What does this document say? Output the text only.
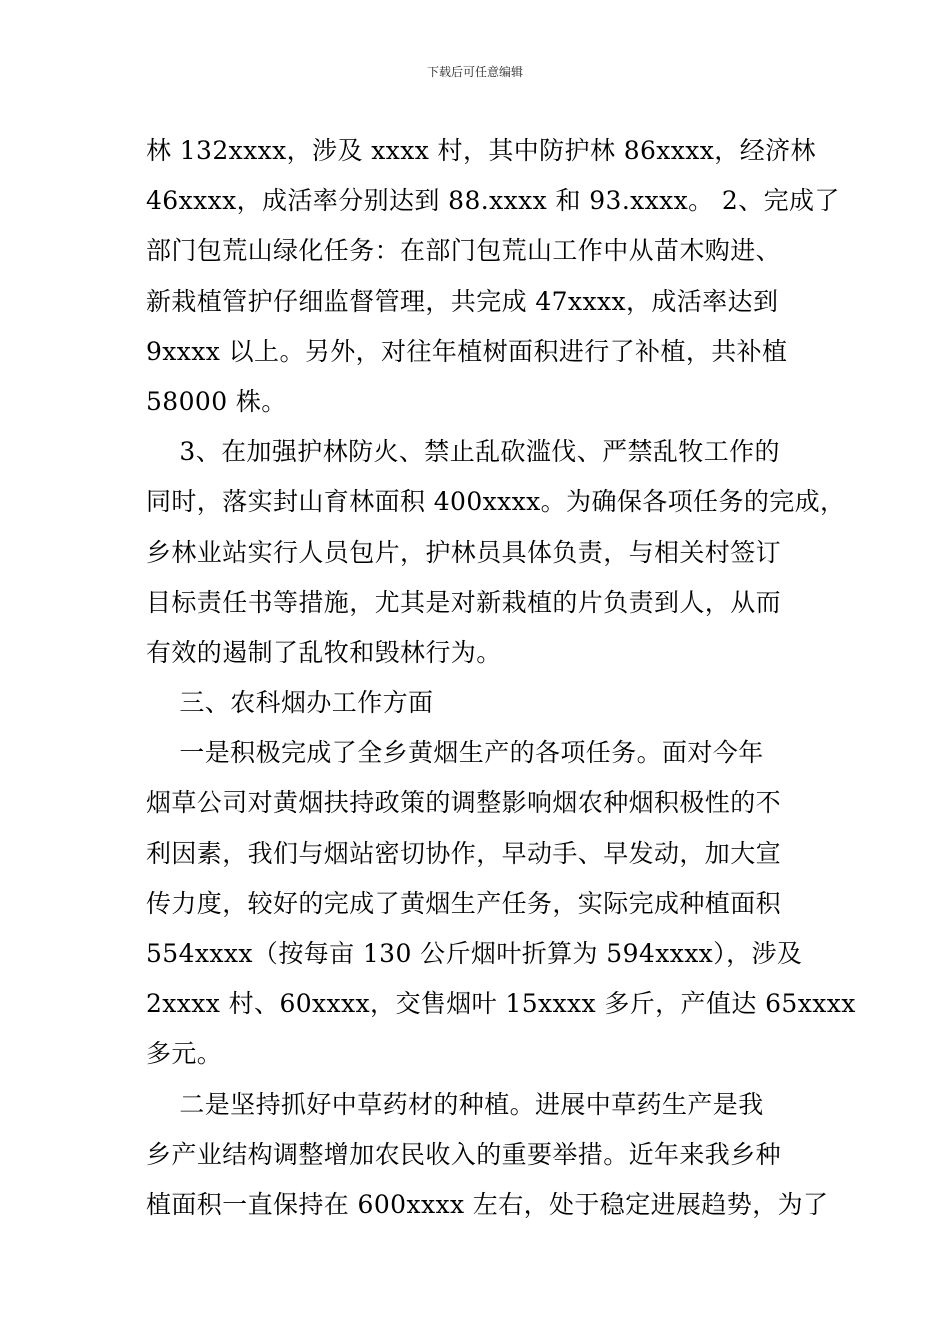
下载后可任意编辑
林 132xxxx，涉及 xxxx 村，其中防护林 86xxxx，经济林
46xxxx，成活率分别达到 88.xxxx 和 93.xxxx。 2、完成了
部门包荒山绿化任务：在部门包荒山工作中从苗木购进、
新栽植管护仔细监督管理，共完成 47xxxx，成活率达到
9xxxx 以上。另外，对往年植树面积进行了补植，共补植
58000 株。
3、在加强护林防火、禁止乱砍滥伐、严禁乱牧工作的
同时，落实封山育林面积 400xxxx。为确保各项任务的完成，
乡林业站实行人员包片，护林员具体负责，与相关村签订
目标责任书等措施，尤其是对新栽植的片负责到人，从而
有效的遏制了乱牧和毁林行为。
三、农科烟办工作方面
一是积极完成了全乡黄烟生产的各项任务。面对今年
烟草公司对黄烟扶持政策的调整影响烟农种烟积极性的不
利因素，我们与烟站密切协作，早动手、早发动，加大宣
传力度，较好的完成了黄烟生产任务，实际完成种植面积
554xxxx（按每亩 130 公斤烟叶折算为 594xxxx），涉及
2xxxx 村、60xxxx，交售烟叶 15xxxx 多斤，产值达 65xxxx
多元。
二是坚持抓好中草药材的种植。进展中草药生产是我
乡产业结构调整增加农民收入的重要举措。近年来我乡种
植面积一直保持在 600xxxx 左右，处于稳定进展趋势，为了
